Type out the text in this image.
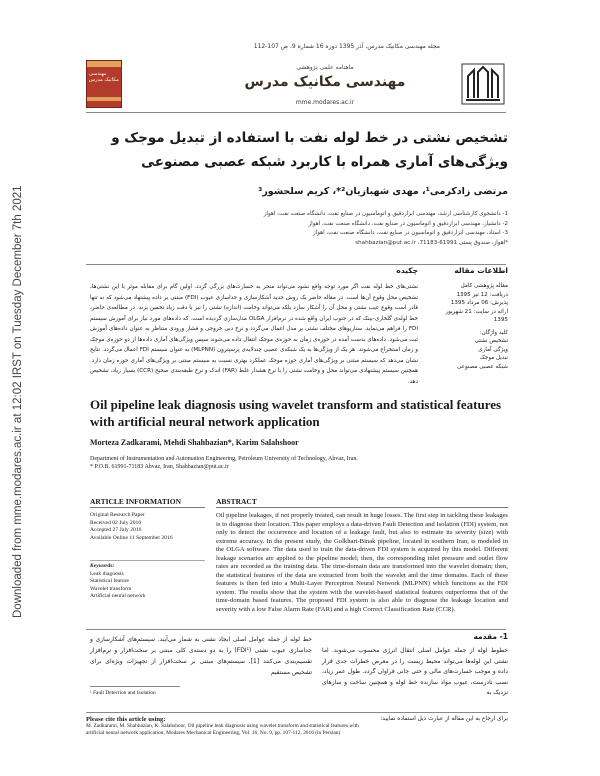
Downloaded from mme.modares.ac.ir at 12:02 IRST on Tuesday December 7th 2021
مجله مهندسی مکانیک مدرس، آذر 1395 دوره 16 شماره 9، ص 107-112
مهندسی مکانیک مدرس
ماهنامه علمی پژوهشی
مهندسی مکانیک مدرس
mme.modares.ac.ir
تشخیص نشتی در خط لوله نفت با استفاده از تبدیل موجک و ویژگی‌های آماری همراه با کاربرد شبکه عصبی مصنوعی
مرتضی زادکرمی¹، مهدی شهبازیان²*، کریم سلحشور³
1- دانشجوی کارشناسی ارشد، مهندسی ابزاردقیق و اتوماسیون در صنایع نفت، دانشگاه صنعت نفت، اهواز
2- دانشیار، مهندسی ابزاردقیق و اتوماسیون در صنایع نفت، دانشگاه صنعت نفت، اهواز
3- استاد، مهندسی ابزاردقیق و اتوماسیون در صنایع نفت، دانشگاه صنعت نفت، اهواز
*اهواز، صندوق پستی 61991-71183، shahbazian@put.ac.ir
اطلاعات مقاله
چکیده
مقاله پژوهشی کامل
دریافت: 12 تیر 1395
پذیرش: 06 مرداد 1395
ارائه در سایت: 21 شهریور 1395
کلید واژگان:
تشخیص نشتی
ویژگی آماری
تبدیل موجک
شبکه عصبی مصنوعی
نشتی‌های خط لوله نفت اگر مورد توجه واقع نشود می‌تواند منجر به خسارت‌های بزرگی گردد. اولین گام برای مقابله موثر با این نشتی‌ها، تشخیص محل وقوع آن‌ها است. در مقاله حاضر یک روش جدید آشکارسازی و جداسازی عیوب (FDI) مبتنی بر داده پیشنهاد می‌شود که نه تنها قادر است وقوع عیب نشتی و محل آن را آشکار سازد بلکه می‌تواند وخامت (اندازه) نشتی را نیز با دقت زیاد تخمین بزند. در مطالعه‌ی حاضر، خط لوله‌ی گلخاری-بینک که در جنوب ایران واقع شده در نرم‌افزار OLGA مدل‌سازی گردیده است. که داده‌های مورد نیاز برای آموزش سیستم FDI را فراهم می‌نماید. سناریوهای مختلف نشتی بر مدل اعمال می‌گردد و نرخ دبی خروجی و فشار ورودی متناظر به عنوان داده‌های آموزش ثبت می‌شود. داده‌های بدست آمده در حوزه‌ی زمان به حوزه‌ی موجک انتقال داده می‌شوند سپس ویژگی‌های آماری داده‌ها از دو حوزه‌ی موجک و زمان استخراج می‌شوند. هر یک از ویژگی‌ها به یک شبکه‌ی عصبی چندلایه‌ی پرسپترون (MLPNN) به عنوان سیستم FDI اعمال می‌گردد. نتایج نشان می‌دهد که سیستم مبتنی بر ویژگی‌های آماری حوزه موجک عملکرد بهتری نسبت به سیستم مبتنی بر ویژگی‌های آماری حوزه زمان دارد. همچنین سیستم پیشنهادی می‌تواند محل و وخامت نشتی را با نرخ هشدار غلط (FAR) اندک و نرخ طبقه‌بندی صحیح (CCR) بسیار زیاد، تشخیص دهد.
Oil pipeline leak diagnosis using wavelet transform and statistical features with artificial neural network application
Morteza Zadkarami, Mehdi Shahbazian*, Karim Salahshoor
Department of Instrumentation and Automation Engineering, Petroleum University of Technology, Ahvaz, Iran.
* P.O.B. 61991-71183 Ahvaz, Iran, Shahbazian@put.ac.ir
ARTICLE INFORMATION	ABSTRACT
Original Research Paper
Received 02 July 2016
Accepted 27 July 2016
Available Online 11 September 2016
Keywords:
Leak diagnosis
Statistical feature
Wavelet transform
Artificial neural network
Oil pipeline leakages, if not properly treated, can result in huge losses. The first step in tackling these leakages is to diagnose their location. This paper employs a data-driven Fault Detection and Isolation (FDI) system, not only to detect the occurrence and location of a leakage fault, but also to estimate its severity (size) with extreme accuracy. In the present study, the Golkhari-Binak pipeline, located in southern Iran, is modeled in the OLGA software. The data used to train the data-driven FDI system is acquired by this model. Different leakage scenarios are applied to the pipeline model; then, the corresponding inlet pressure and outlet flow rates are recorded as the training data. The time-domain data are transformed into the wavelet domain; then, the statistical features of the data are extracted from both the wavelet and the time domains. Each of these features is then fed into a Multi-Layer Perceptron Neural Network (MLPNN) which functions as the FDI system. The results show that the system with the wavelet-based statistical features outperforms that of the time-domain based features. The proposed FDI system is also able to diagnose the leakage location and severity with a low False Alarm Rate (FAR) and a high Correct Classification Rate (CCR).
1- مقدمه
خطوط لوله از جمله عوامل اصلی انتقال انرژی محسوب می‌شوند. اما نشتی این لوله‌ها می‌تواند محیط زیست را در معرض خطرات جدی قرار داده و موجب خسارت‌های مالی و حتی جانی فراوان گردد. طول عمر زیاد، نصب نادرست، عیوب مواد سازنده خط لوله و همچنین ساخت و سازهای نزدیک به
خط لوله از جمله عوامل اصلی ایجاد نشتی به شمار می‌آیند. سیستم‌های آشکارسازی و جداسازی عیوب نشتی (FDI¹) را به دو دسته‌ی کلی مبتنی بر سخت‌افزار و نرم‌افزار تقسیم‌بندی می‌کنند [1]. سیستم‌های مبتنی بر سخت‌افزار از تجهیزات ویژه‌ای برای تشخیص مستقیم
¹ Fault Detection and Isolation
Please cite this article using:
M. Zadkarami, M. Shahbazian, K. Salahshoor, Oil pipeline leak diagnosis using wavelet transform and statistical features with artificial neural network application, Modares Mechanical Engineering, Vol. 16, No. 9, pp. 107-112, 2016 (in Persian)
برای ارجاع به این مقاله از عبارت ذیل استفاده نمایید:
